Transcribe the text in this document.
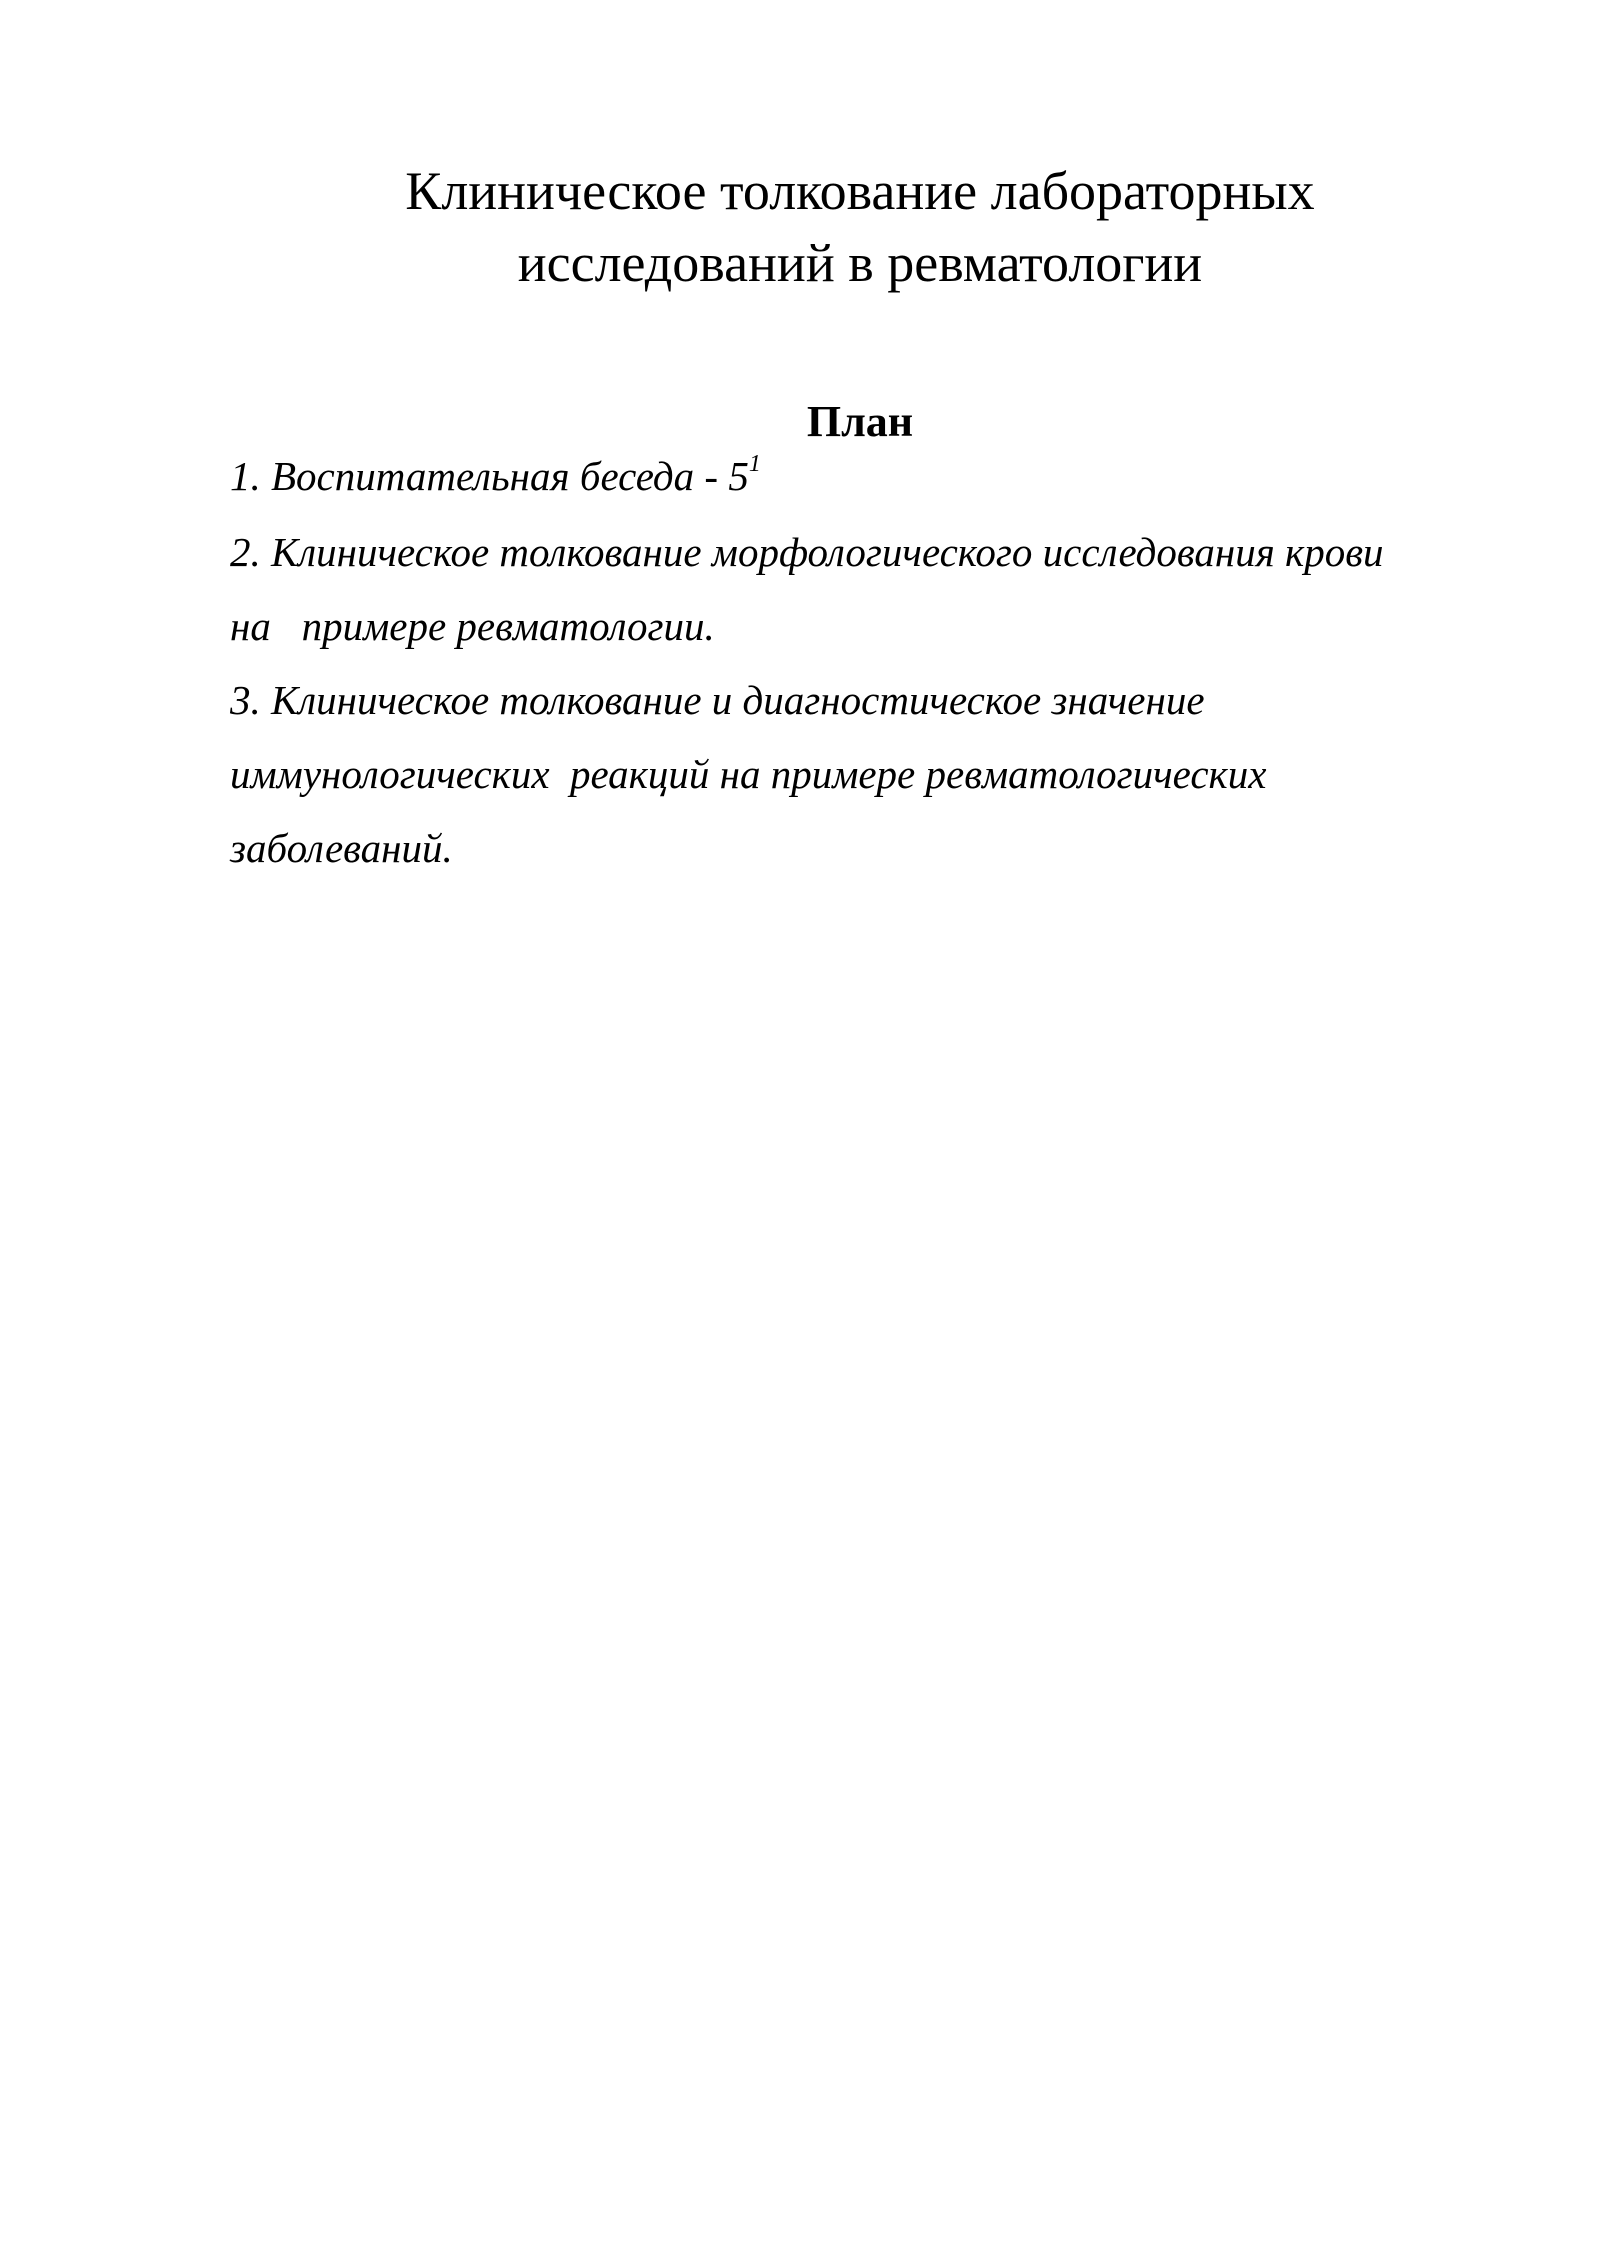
Клиническое толкование лабораторных
исследований в ревматологии
План
1. Воспитательная беседа - $5^1$
2. Клиническое толкование морфологического исследования крови
на   примере ревматологии.
3. Клиническое толкование и диагностическое значение
иммунологических  реакций на примере ревматологических
заболеваний.
